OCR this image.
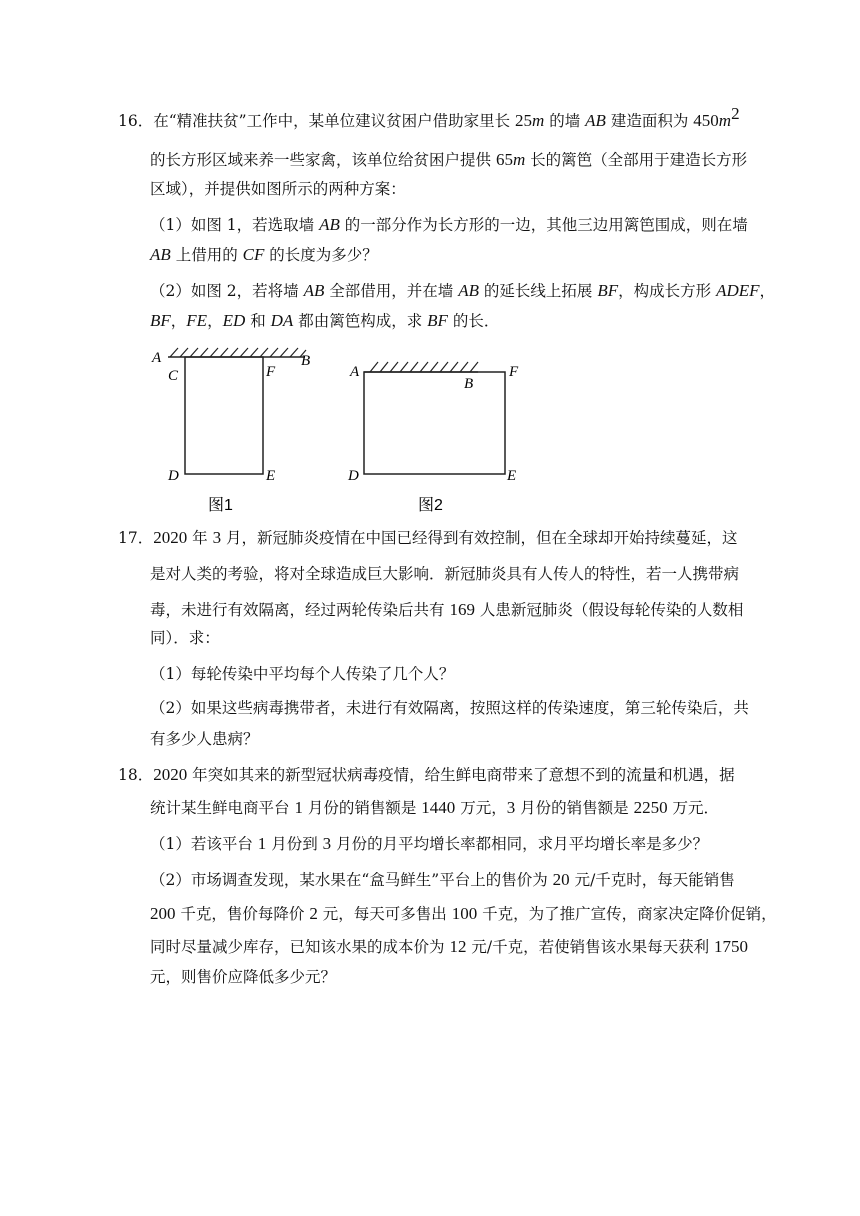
16．在“精准扶贫”工作中，某单位建议贫困户借助家里长 25m 的墙 AB 建造面积为 $450m^2$
的长方形区域来养一些家禽，该单位给贫困户提供 65m 长的篱笆（全部用于建造长方形
区域），并提供如图所示的两种方案：
（1）如图 1，若选取墙 AB 的一部分作为长方形的一边，其他三边用篱笆围成，则在墙
AB 上借用的 CF 的长度为多少？
（2）如图 2，若将墙 AB 全部借用，并在墙 AB 的延长线上拓展 BF，构成长方形 ADEF，
BF，FE，ED 和 DA 都由篱笆构成，求 BF 的长．
A	B
C	F
D	E
图1
A
B
F
D	E
图2
17．2020 年 3 月，新冠肺炎疫情在中国已经得到有效控制，但在全球却开始持续蔓延，这
是对人类的考验，将对全球造成巨大影响．新冠肺炎具有人传人的特性，若一人携带病
毒，未进行有效隔离，经过两轮传染后共有 169 人患新冠肺炎（假设每轮传染的人数相
同）．求：
（1）每轮传染中平均每个人传染了几个人？
（2）如果这些病毒携带者，未进行有效隔离，按照这样的传染速度，第三轮传染后，共
有多少人患病？
18．2020 年突如其来的新型冠状病毒疫情，给生鲜电商带来了意想不到的流量和机遇，据
统计某生鲜电商平台 1 月份的销售额是 1440 万元，3 月份的销售额是 2250 万元．
（1）若该平台 1 月份到 3 月份的月平均增长率都相同，求月平均增长率是多少？
（2）市场调查发现，某水果在“盒马鲜生”平台上的售价为 20 元/千克时，每天能销售
200 千克，售价每降价 2 元，每天可多售出 100 千克，为了推广宣传，商家决定降价促销，
同时尽量减少库存，已知该水果的成本价为 12 元/千克，若使销售该水果每天获利 1750
元，则售价应降低多少元？
